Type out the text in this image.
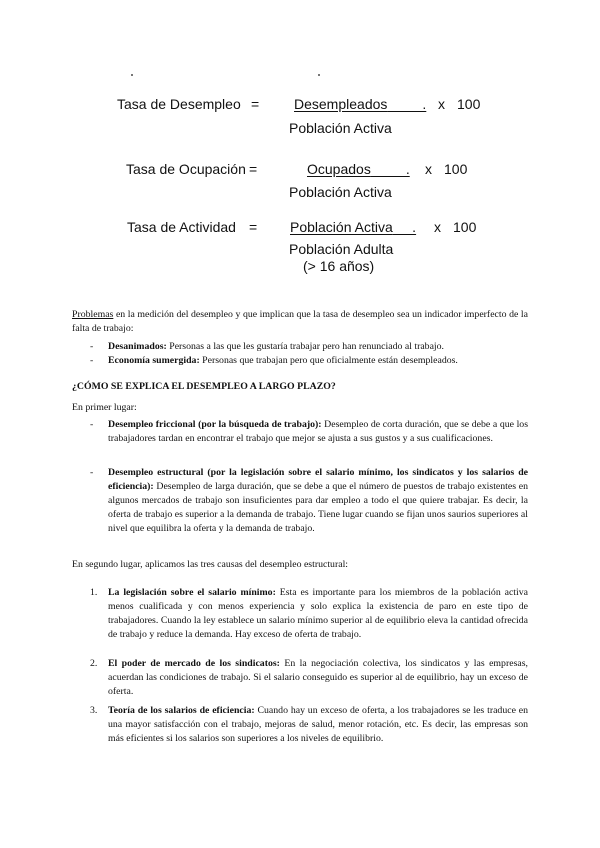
Tasa de Desempleo =	Desempleados         . x 100
Población Activa
Tasa de Ocupación =	Ocupados         . x 100
Población Activa
Tasa de Actividad =	Población Activa     . x 100
Población Adulta
(> 16 años)
Problemas en la medición del desempleo y que implican que la tasa de desempleo sea un indicador imperfecto de la falta de trabajo:
- Desanimados: Personas a las que les gustaría trabajar pero han renunciado al trabajo.
- Economía sumergida: Personas que trabajan pero que oficialmente están desempleados.
¿CÓMO SE EXPLICA EL DESEMPLEO A LARGO PLAZO?
En primer lugar:
- Desempleo friccional (por la búsqueda de trabajo): Desempleo de corta duración, que se debe a que los trabajadores tardan en encontrar el trabajo que mejor se ajusta a sus gustos y a sus cualificaciones.
- Desempleo estructural (por la legislación sobre el salario mínimo, los sindicatos y los salarios de eficiencia): Desempleo de larga duración, que se debe a que el número de puestos de trabajo existentes en algunos mercados de trabajo son insuficientes para dar empleo a todo el que quiere trabajar. Es decir, la oferta de trabajo es superior a la demanda de trabajo. Tiene lugar cuando se fijan unos saurios superiores al nivel que equilibra la oferta y la demanda de trabajo.
En segundo lugar, aplicamos las tres causas del desempleo estructural:
1. La legislación sobre el salario mínimo: Esta es importante para los miembros de la población activa menos cualificada y con menos experiencia y solo explica la existencia de paro en este tipo de trabajadores. Cuando la ley establece un salario mínimo superior al de equilibrio eleva la cantidad ofrecida de trabajo y reduce la demanda. Hay exceso de oferta de trabajo.
2. El poder de mercado de los sindicatos: En la negociación colectiva, los sindicatos y las empresas, acuerdan las condiciones de trabajo. Si el salario conseguido es superior al de equilibrio, hay un exceso de oferta.
3. Teoría de los salarios de eficiencia: Cuando hay un exceso de oferta, a los trabajadores se les traduce en una mayor satisfacción con el trabajo, mejoras de salud, menor rotación, etc. Es decir, las empresas son más eficientes si los salarios son superiores a los niveles de equilibrio.
